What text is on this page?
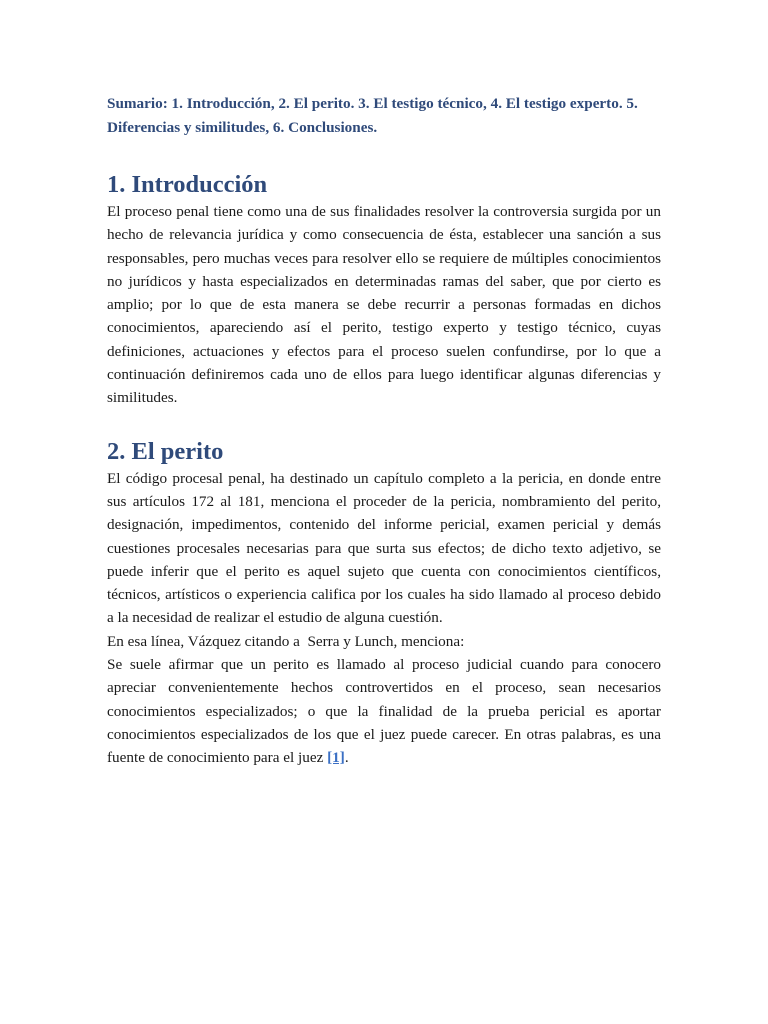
Sumario: 1. Introducción, 2. El perito. 3. El testigo técnico, 4. El testigo experto. 5. Diferencias y similitudes, 6. Conclusiones.

1. Introducción

El proceso penal tiene como una de sus finalidades resolver la controversia surgida por un hecho de relevancia jurídica y como consecuencia de ésta, establecer una sanción a sus responsables, pero muchas veces para resolver ello se requiere de múltiples conocimientos no jurídicos y hasta especializados en determinadas ramas del saber, que por cierto es amplio; por lo que de esta manera se debe recurrir a personas formadas en dichos conocimientos, apareciendo así el perito, testigo experto y testigo técnico, cuyas definiciones, actuaciones y efectos para el proceso suelen confundirse, por lo que a continuación definiremos cada uno de ellos para luego identificar algunas diferencias y similitudes.

2. El perito

El código procesal penal, ha destinado un capítulo completo a la pericia, en donde entre sus artículos 172 al 181, menciona el proceder de la pericia, nombramiento del perito, designación, impedimentos, contenido del informe pericial, examen pericial y demás cuestiones procesales necesarias para que surta sus efectos; de dicho texto adjetivo, se puede inferir que el perito es aquel sujeto que cuenta con conocimientos científicos, técnicos, artísticos o experiencia califica por los cuales ha sido llamado al proceso debido a la necesidad de realizar el estudio de alguna cuestión.

En esa línea, Vázquez citando a  Serra y Lunch, menciona:

Se suele afirmar que un perito es llamado al proceso judicial cuando para conocero apreciar convenientemente hechos controvertidos en el proceso, sean necesarios conocimientos especializados; o que la finalidad de la prueba pericial es aportar conocimientos especializados de los que el juez puede carecer. En otras palabras, es una fuente de conocimiento para el juez [1].
